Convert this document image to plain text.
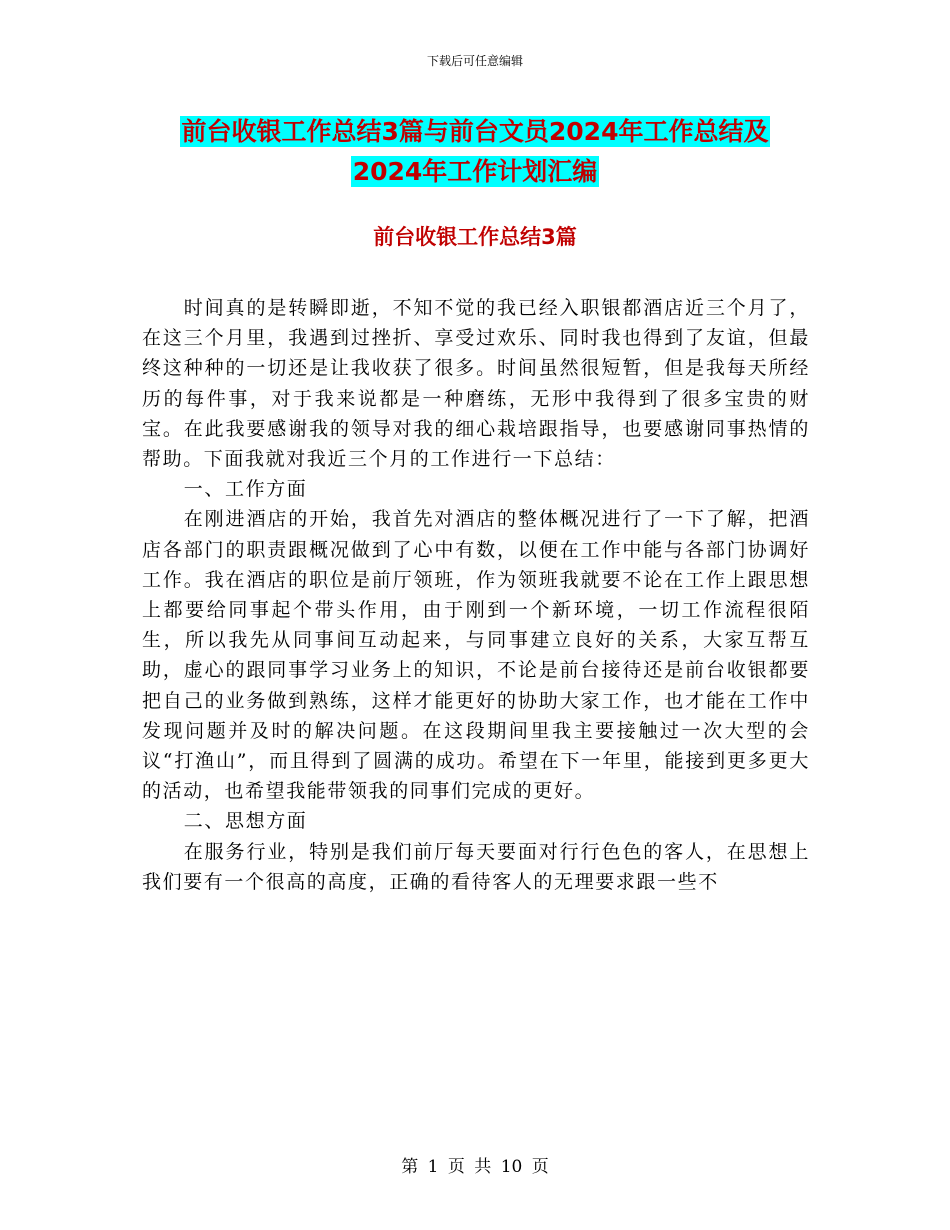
下载后可任意编辑
前台收银工作总结3篇与前台文员2024年工作总结及
2024年工作计划汇编
前台收银工作总结3篇

时间真的是转瞬即逝，不知不觉的我已经入职银都酒店近三个月了，在这三个月里，我遇到过挫折、享受过欢乐、同时我也得到了友谊，但最终这种种的一切还是让我收获了很多。时间虽然很短暂，但是我每天所经历的每件事，对于我来说都是一种磨练，无形中我得到了很多宝贵的财宝。在此我要感谢我的领导对我的细心栽培跟指导，也要感谢同事热情的帮助。下面我就对我近三个月的工作进行一下总结：

一、工作方面

在刚进酒店的开始，我首先对酒店的整体概况进行了一下了解，把酒店各部门的职责跟概况做到了心中有数，以便在工作中能与各部门协调好工作。我在酒店的职位是前厅领班，作为领班我就要不论在工作上跟思想上都要给同事起个带头作用，由于刚到一个新环境，一切工作流程很陌生，所以我先从同事间互动起来，与同事建立良好的关系，大家互帮互助，虚心的跟同事学习业务上的知识，不论是前台接待还是前台收银都要把自己的业务做到熟练，这样才能更好的协助大家工作，也才能在工作中发现问题并及时的解决问题。在这段期间里我主要接触过一次大型的会议“打渔山”，而且得到了圆满的成功。希望在下一年里，能接到更多更大的活动，也希望我能带领我的同事们完成的更好。

二、思想方面

在服务行业，特别是我们前厅每天要面对行行色色的客人，在思想上我们要有一个很高的高度，正确的看待客人的无理要求跟一些不

第 1 页 共 10 页
